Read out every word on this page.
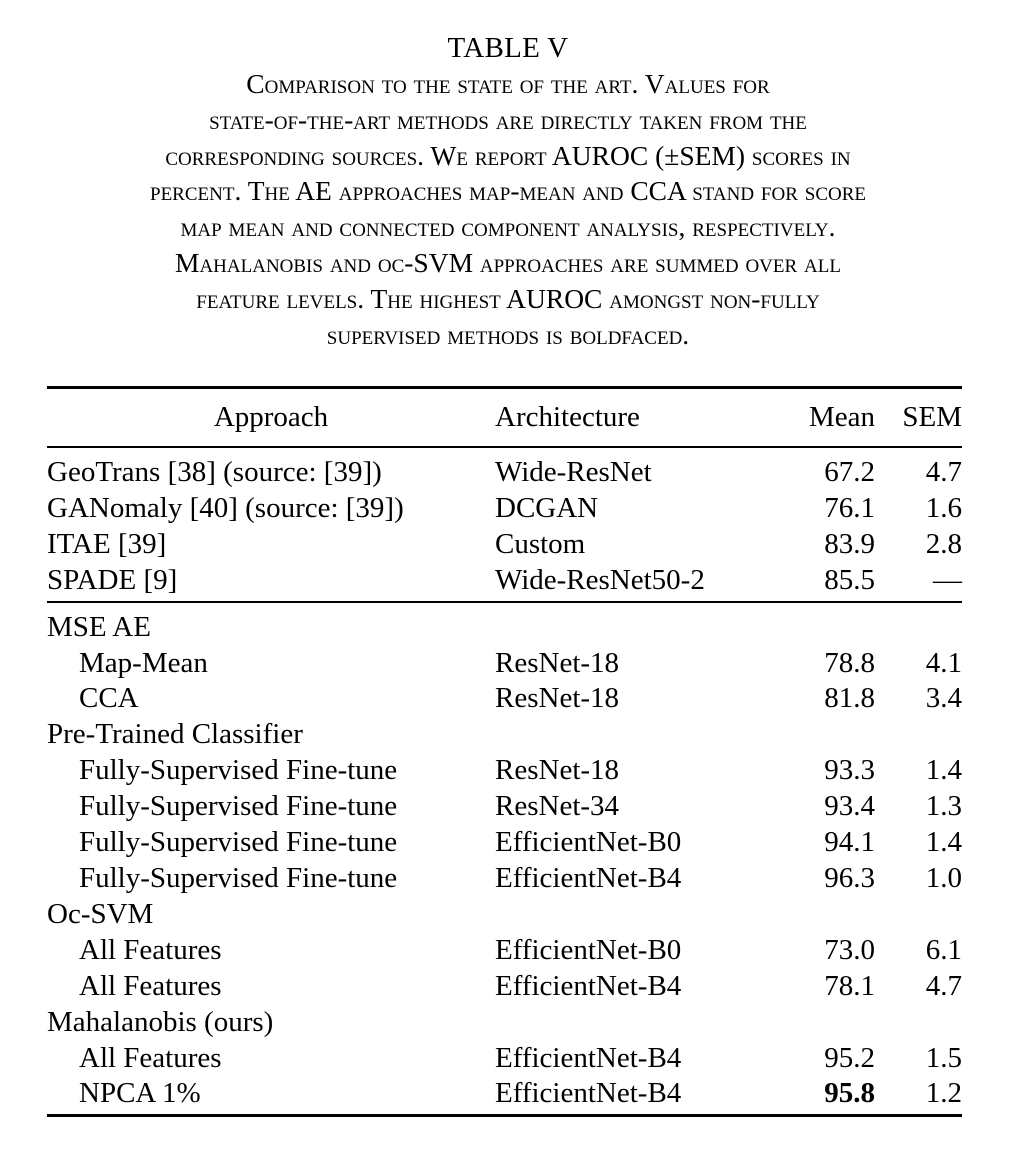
TABLE V
Comparison to the state of the art. Values for
state-of-the-art methods are directly taken from the
corresponding sources. We report AUROC (±SEM) scores in
percent. The AE approaches map-mean and CCA stand for score
map mean and connected component analysis, respectively.
Mahalanobis and oc-SVM approaches are summed over all
feature levels. The highest AUROC amongst non-fully
supervised methods is boldfaced.
Approach	Architecture	Mean	SEM
GeoTrans [38] (source: [39])	Wide-ResNet	67.2	4.7
GANomaly [40] (source: [39])	DCGAN	76.1	1.6
ITAE [39]	Custom	83.9	2.8
SPADE [9]	Wide-ResNet50-2	85.5	—
MSE AE			
Map-Mean	ResNet-18	78.8	4.1
CCA	ResNet-18	81.8	3.4
Pre-Trained Classifier			
Fully-Supervised Fine-tune	ResNet-18	93.3	1.4
Fully-Supervised Fine-tune	ResNet-34	93.4	1.3
Fully-Supervised Fine-tune	EfficientNet-B0	94.1	1.4
Fully-Supervised Fine-tune	EfficientNet-B4	96.3	1.0
Oc-SVM			
All Features	EfficientNet-B0	73.0	6.1
All Features	EfficientNet-B4	78.1	4.7
Mahalanobis (ours)			
All Features	EfficientNet-B4	95.2	1.5
NPCA 1%	EfficientNet-B4	95.8	1.2
